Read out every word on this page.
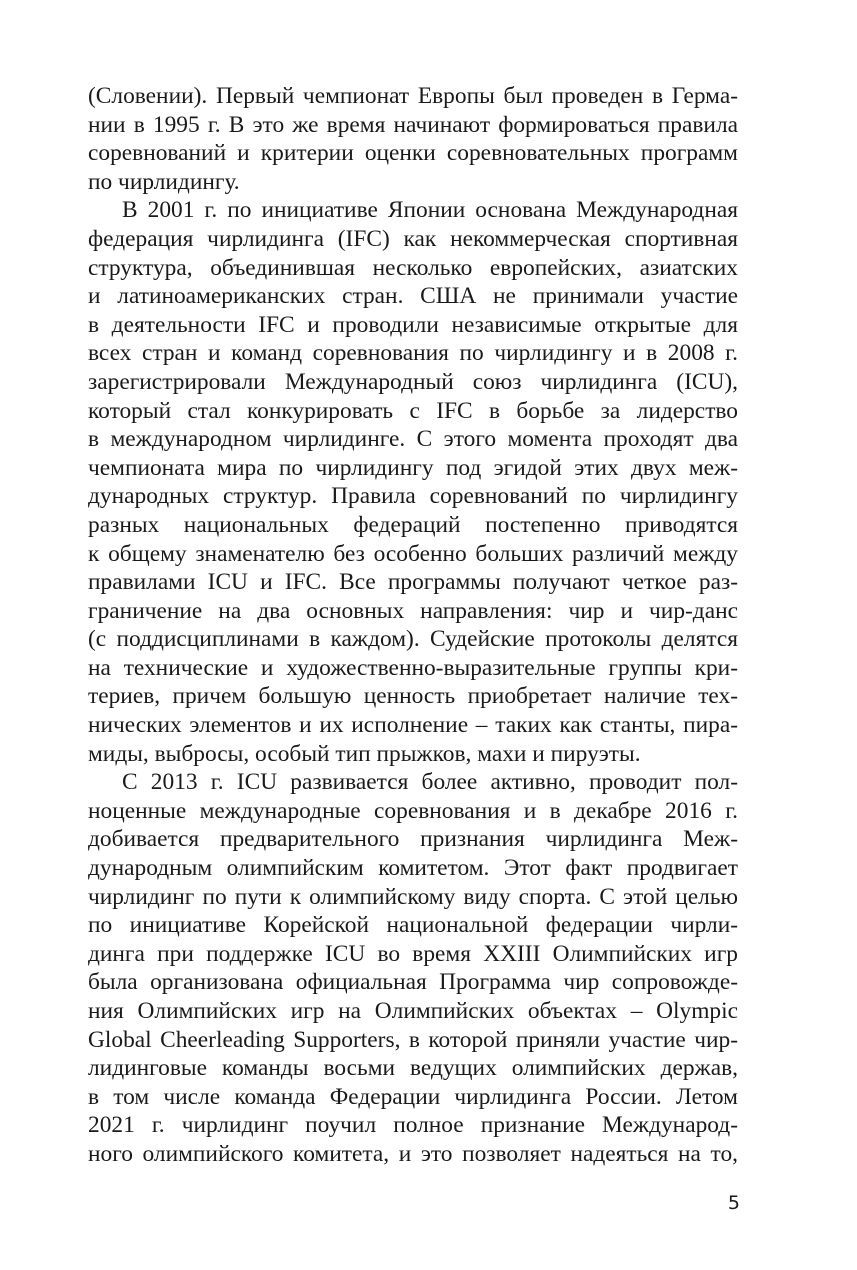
(Словении). Первый чемпионат Европы был проведен в Герма-
нии в 1995 г. В это же время начинают формироваться правила
соревнований и критерии оценки соревновательных программ
по чирлидингу.
В 2001 г. по инициативе Японии основана Международная
федерация чирлидинга (IFC) как некоммерческая спортивная
структура, объединившая несколько европейских, азиатских
и латиноамериканских стран. США не принимали участие
в деятельности IFC и проводили независимые открытые для
всех стран и команд соревнования по чирлидингу и в 2008 г.
зарегистрировали Международный союз чирлидинга (ICU),
который стал конкурировать с IFC в борьбе за лидерство
в международном чирлидинге. С этого момента проходят два
чемпионата мира по чирлидингу под эгидой этих двух меж-
дународных структур. Правила соревнований по чирлидингу
разных национальных федераций постепенно приводятся
к общему знаменателю без особенно больших различий между
правилами ICU и IFC. Все программы получают четкое раз-
граничение на два основных направления: чир и чир-данс
(с поддисциплинами в каждом). Судейские протоколы делятся
на технические и художественно-выразительные группы кри-
териев, причем большую ценность приобретает наличие тех-
нических элементов и их исполнение – таких как станты, пира-
миды, выбросы, особый тип прыжков, махи и пируэты.
С 2013 г. ICU развивается более активно, проводит пол-
ноценные международные соревнования и в декабре 2016 г.
добивается предварительного признания чирлидинга Меж-
дународным олимпийским комитетом. Этот факт продвигает
чирлидинг по пути к олимпийскому виду спорта. С этой целью
по инициативе Корейской национальной федерации чирли-
динга при поддержке ICU во время XXIII Олимпийских игр
была организована официальная Программа чир сопровожде-
ния Олимпийских игр на Олимпийских объектах – Olympic
Global Cheerleading Supporters, в которой приняли участие чир-
лидинговые команды восьми ведущих олимпийских держав,
в том числе команда Федерации чирлидинга России. Летом
2021 г. чирлидинг поучил полное признание Международ-
ного олимпийского комитета, и это позволяет надеяться на то,
5
